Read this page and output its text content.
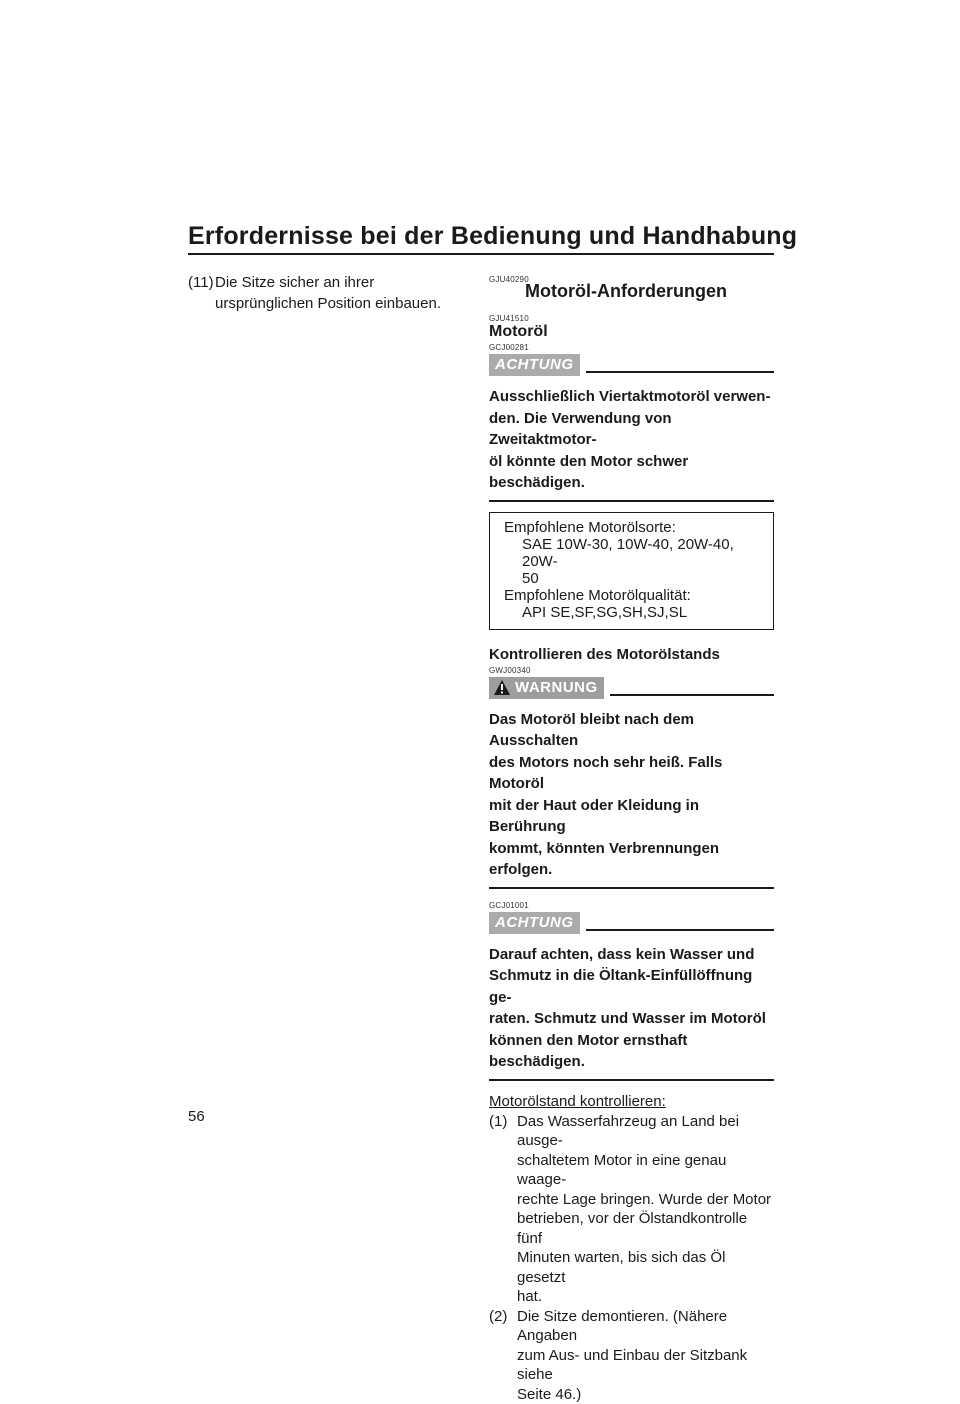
Erfordernisse bei der Bedienung und Handhabung
(11) Die Sitze sicher an ihrer ursprünglichen Position einbauen.
GJU40290
Motoröl-Anforderungen
GJU41510
Motoröl
GCJ00281
ACHTUNG
Ausschließlich Viertaktmotoröl verwen-
den. Die Verwendung von Zweitaktmotor-
öl könnte den Motor schwer beschädigen.
Empfohlene Motorölsorte:
SAE 10W-30, 10W-40, 20W-40, 20W-
50
Empfohlene Motorölqualität:
API SE,SF,SG,SH,SJ,SL
Kontrollieren des Motorölstands
GWJ00340
WARNUNG
Das Motoröl bleibt nach dem Ausschalten
des Motors noch sehr heiß. Falls Motoröl
mit der Haut oder Kleidung in Berührung
kommt, könnten Verbrennungen erfolgen.
GCJ01001
ACHTUNG
Darauf achten, dass kein Wasser und
Schmutz in die Öltank-Einfüllöffnung ge-
raten. Schmutz und Wasser im Motoröl
können den Motor ernsthaft beschädigen.
Motorölstand kontrollieren:
(1) Das Wasserfahrzeug an Land bei ausge-
schaltetem Motor in eine genau waage-
rechte Lage bringen. Wurde der Motor
betrieben, vor der Ölstandkontrolle fünf
Minuten warten, bis sich das Öl gesetzt
hat.
(2) Die Sitze demontieren. (Nähere Angaben
zum Aus- und Einbau der Sitzbank siehe
Seite 46.)
56
